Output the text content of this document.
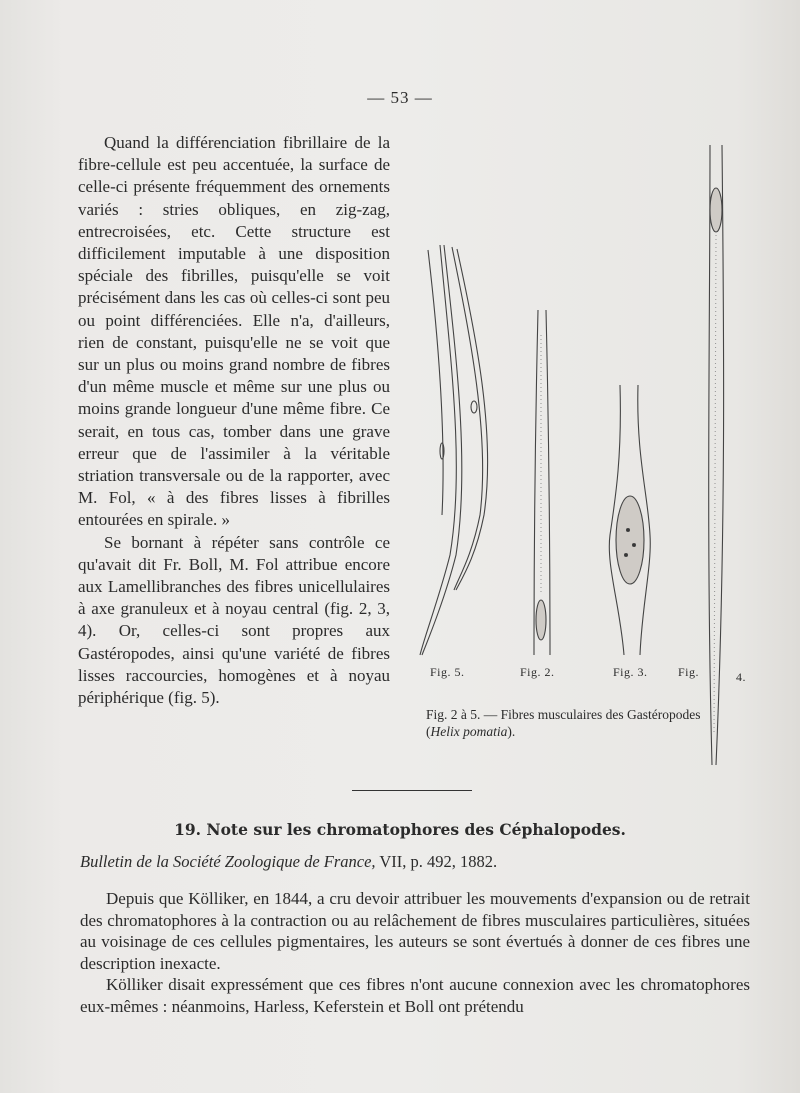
— 53 —

Quand la différenciation fibrillaire de la fibre-cellule est peu accentuée, la surface de celle-ci présente fréquemment des ornements variés : stries obliques, en zig-zag, entrecroisées, etc. Cette structure est difficilement imputable à une disposition spéciale des fibrilles, puisqu'elle se voit précisément dans les cas où celles-ci sont peu ou point différenciées. Elle n'a, d'ailleurs, rien de constant, puisqu'elle ne se voit que sur un plus ou moins grand nombre de fibres d'un même muscle et même sur une plus ou moins grande longueur d'une même fibre. Ce serait, en tous cas, tomber dans une grave erreur que de l'assimiler à la véritable striation transversale ou de la rapporter, avec M. Fol, « à des fibres lisses à fibrilles entourées en spirale. »

Se bornant à répéter sans contrôle ce qu'avait dit Fr. Boll, M. Fol attribue encore aux Lamellibranches des fibres unicellulaires à axe granuleux et à noyau central (fig. 2, 3, 4). Or, celles-ci sont propres aux Gastéropodes, ainsi qu'une variété de fibres lisses raccourcies, homogènes et à noyau périphérique (fig. 5).

Fig. 5.	Fig. 2.	Fig. 3.	Fig.	4.
Fig. 2 à 5. — Fibres musculaires des Gastéropodes (Helix pomatia).
19. Note sur les chromatophores des Céphalopodes.
Bulletin de la Société Zoologique de France, VII, p. 492, 1882.

Depuis que Kölliker, en 1844, a cru devoir attribuer les mouvements d'expansion ou de retrait des chromatophores à la contraction ou au relâchement de fibres musculaires particulières, situées au voisinage de ces cellules pigmentaires, les auteurs se sont évertués à donner de ces fibres une description inexacte.

Kölliker disait expressément que ces fibres n'ont aucune connexion avec les chromatophores eux-mêmes : néanmoins, Harless, Keferstein et Boll ont prétendu
